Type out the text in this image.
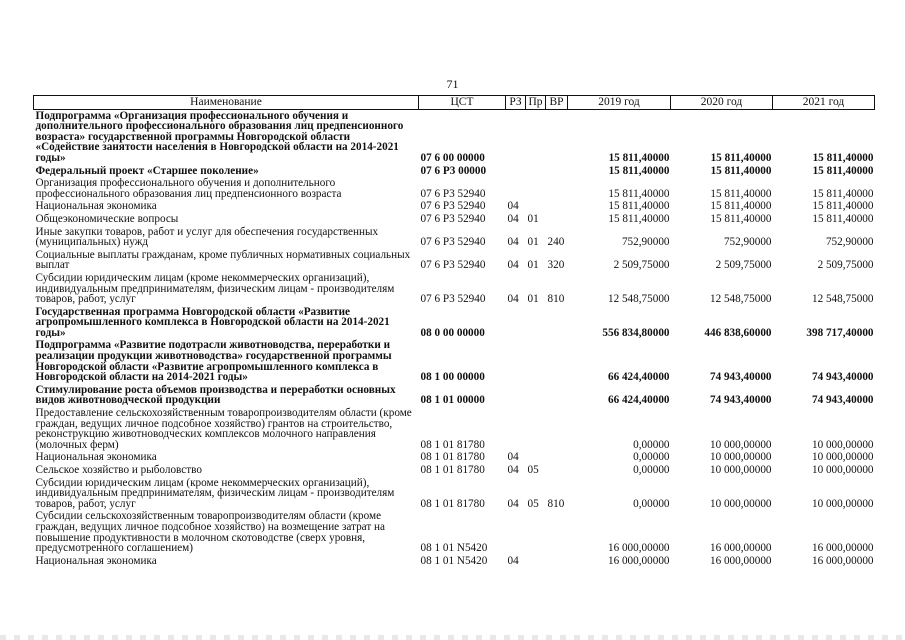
71
Наименование	ЦСТ	РЗ	Пр	ВР	2019 год	2020 год	2021 год
Подпрограмма «Организация профессионального обучения и дополнительного профессионального образования лиц предпенсионного возраста» государственной программы Новгородской области «Содействие занятости населения в Новгородской области на 2014-2021 годы»	07 6 00 00000				15 811,40000	15 811,40000	15 811,40000
Федеральный проект «Старшее поколение»	07 6 P3 00000				15 811,40000	15 811,40000	15 811,40000
Организация профессионального обучения и дополнительного профессионального образования лиц предпенсионного возраста	07 6 P3 52940				15 811,40000	15 811,40000	15 811,40000
Национальная экономика	07 6 P3 52940	04			15 811,40000	15 811,40000	15 811,40000
Общеэкономические вопросы	07 6 P3 52940	04	01		15 811,40000	15 811,40000	15 811,40000
Иные закупки товаров, работ и услуг для обеспечения государственных (муниципальных) нужд	07 6 P3 52940	04	01	240	752,90000	752,90000	752,90000
Социальные выплаты гражданам, кроме публичных нормативных социальных выплат	07 6 P3 52940	04	01	320	2 509,75000	2 509,75000	2 509,75000
Субсидии юридическим лицам (кроме некоммерческих организаций), индивидуальным предпринимателям, физическим лицам - производителям товаров, работ, услуг	07 6 P3 52940	04	01	810	12 548,75000	12 548,75000	12 548,75000
Государственная программа Новгородской области «Развитие агропромышленного комплекса в Новгородской области на 2014-2021 годы»	08 0 00 00000				556 834,80000	446 838,60000	398 717,40000
Подпрограмма «Развитие подотрасли животноводства, переработки и реализации продукции животноводства» государственной программы Новгородской области «Развитие агропромышленного комплекса в Новгородской области на 2014-2021 годы»	08 1 00 00000				66 424,40000	74 943,40000	74 943,40000
Стимулирование роста объемов производства и переработки основных видов животноводческой продукции	08 1 01 00000				66 424,40000	74 943,40000	74 943,40000
Предоставление сельскохозяйственным товаропроизводителям области (кроме граждан, ведущих личное подсобное хозяйство) грантов на строительство, реконструкцию животноводческих комплексов молочного направления (молочных ферм)	08 1 01 81780				0,00000	10 000,00000	10 000,00000
Национальная экономика	08 1 01 81780	04			0,00000	10 000,00000	10 000,00000
Сельское хозяйство и рыболовство	08 1 01 81780	04	05		0,00000	10 000,00000	10 000,00000
Субсидии юридическим лицам (кроме некоммерческих организаций), индивидуальным предпринимателям, физическим лицам - производителям товаров, работ, услуг	08 1 01 81780	04	05	810	0,00000	10 000,00000	10 000,00000
Субсидии сельскохозяйственным товаропроизводителям области (кроме граждан, ведущих личное подсобное хозяйство) на возмещение затрат на повышение продуктивности в молочном скотоводстве (сверх уровня, предусмотренного соглашением)	08 1 01 N5420				16 000,00000	16 000,00000	16 000,00000
Национальная экономика	08 1 01 N5420	04			16 000,00000	16 000,00000	16 000,00000
